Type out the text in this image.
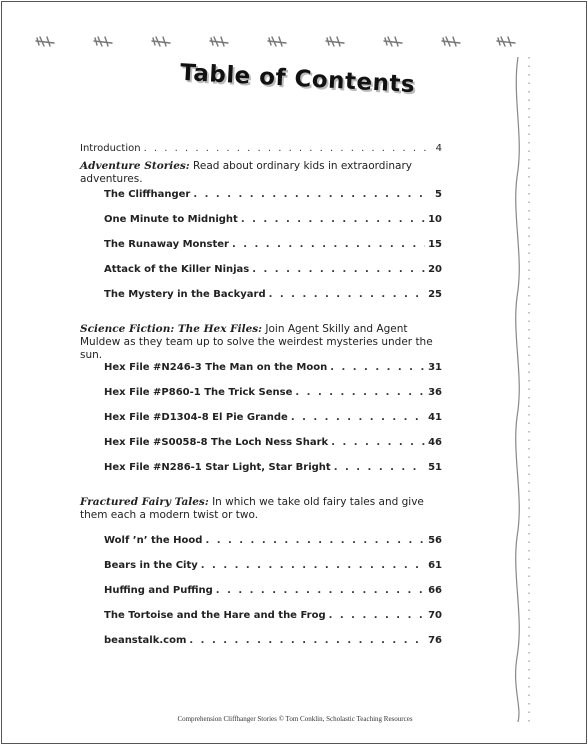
Table of Contents
Introduction . . .	4

Adventure Stories: Read about ordinary kids in extraordinary adventures.

The Cliffhanger . . .	5
One Minute to Midnight . . .	10
The Runaway Monster . . .	15
Attack of the Killer Ninjas . . .	20
The Mystery in the Backyard . . .	25

Science Fiction: The Hex Files: Join Agent Skilly and Agent Muldew as they team up to solve the weirdest mysteries under the sun.

Hex File #N246-3 The Man on the Moon . . .	31
Hex File #P860-1 The Trick Sense . . .	36
Hex File #D1304-8 El Pie Grande . . .	41
Hex File #S0058-8 The Loch Ness Shark . . .	46
Hex File #N286-1 Star Light, Star Bright . . .	51

Fractured Fairy Tales: In which we take old fairy tales and give them each a modern twist or two.

Wolf ’n’ the Hood . . .	56
Bears in the City . . .	61
Huffing and Puffing . . .	66
The Tortoise and the Hare and the Frog . . .	70
beanstalk.com . . .	76
Comprehension Cliffhanger Stories © Tom Conklin, Scholastic Teaching Resources
